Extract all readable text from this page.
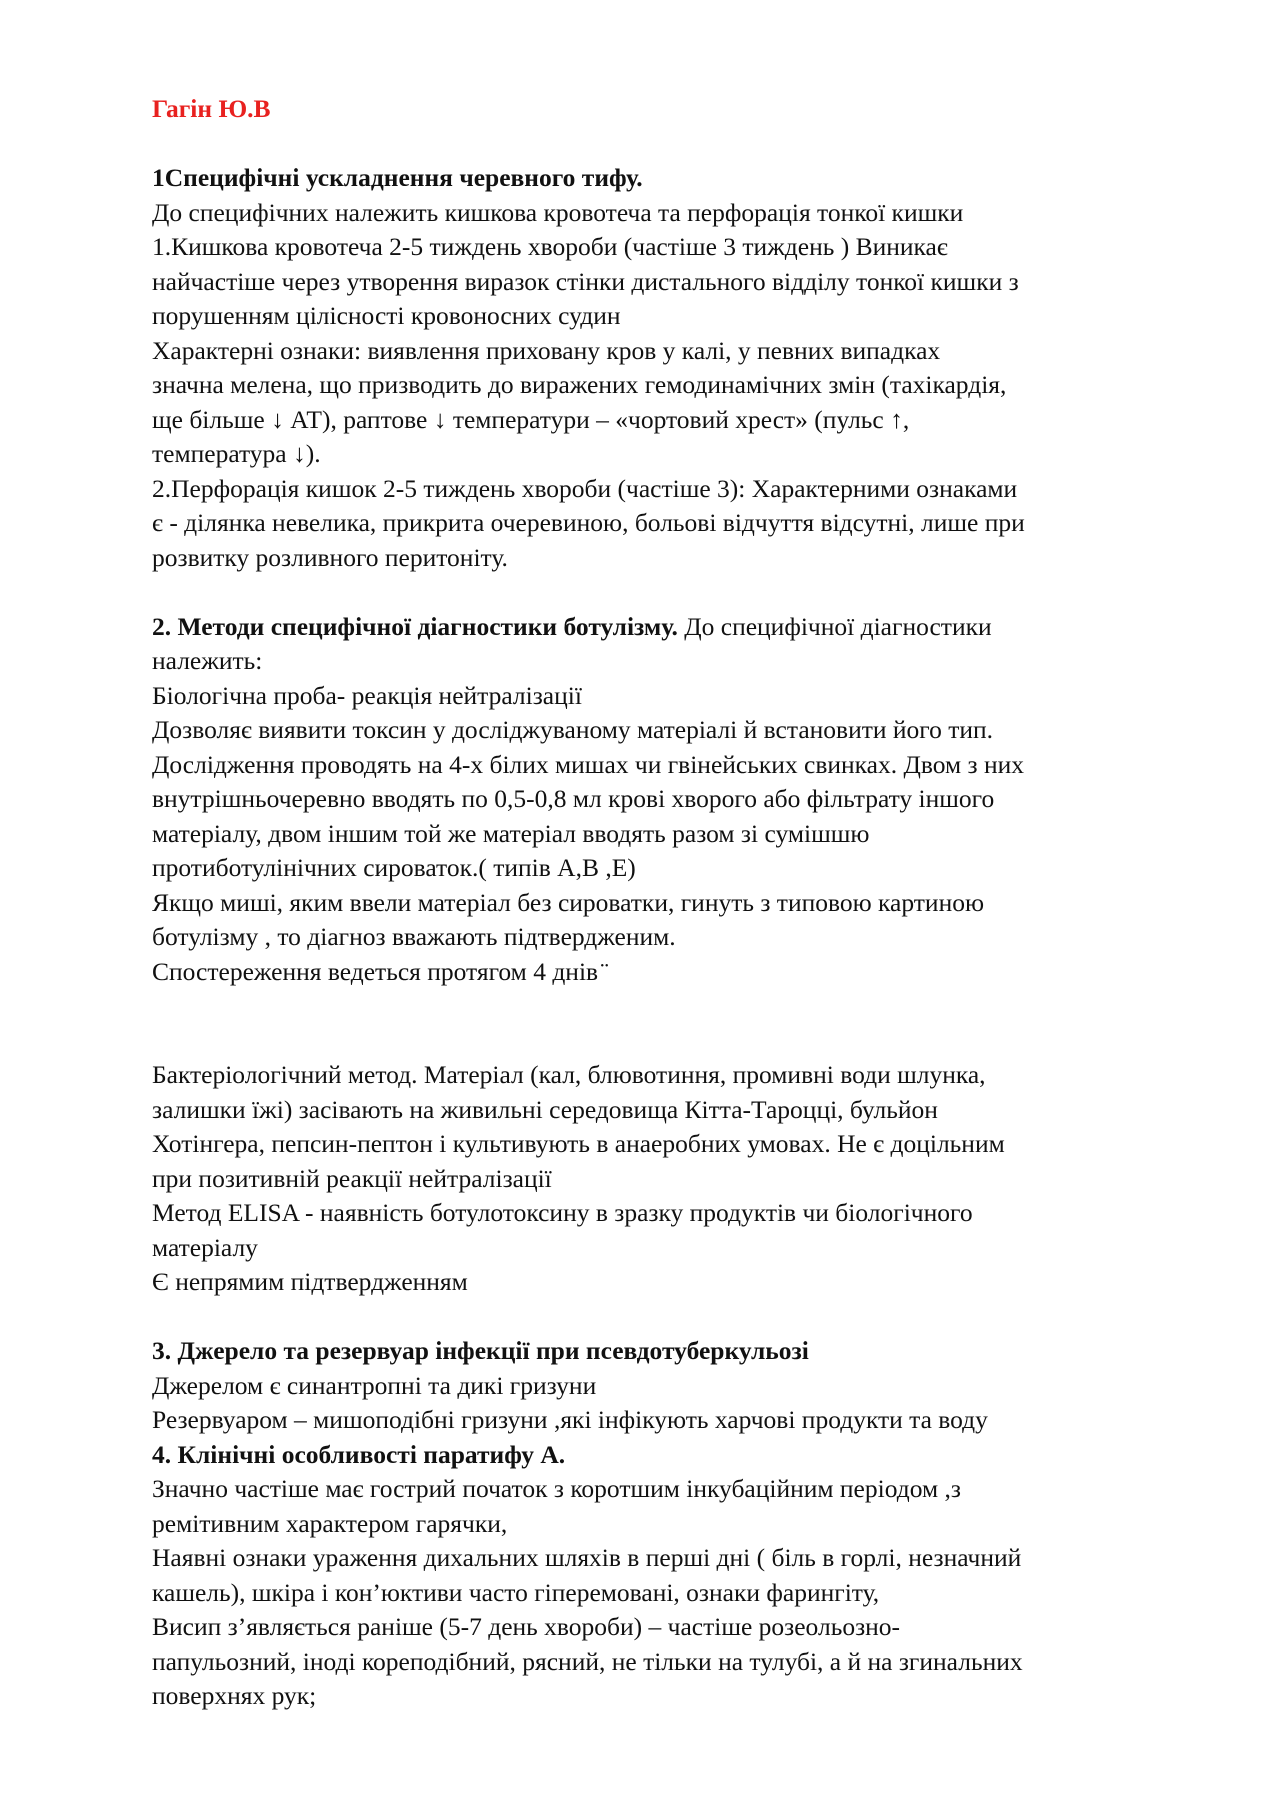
Гагін Ю.В

1Специфічні ускладнення черевного тифу.

До специфічних належить кишкова кровотеча та перфорація тонкої кишки

1.Кишкова кровотеча 2-5 тиждень хвороби (частіше 3 тиждень ) Виникає

найчастіше через утворення виразок стінки дистального відділу тонкої кишки з

порушенням цілісності кровоносних судин

Характерні ознаки: виявлення приховану кров у калі, у певних випадках

значна мелена, що призводить до виражених гемодинамічних змін (тахікардія,

ще більше ↓ АТ), раптове ↓ температури – «чортовий хрест» (пульс ↑,

температура ↓).

2.Перфорація кишок 2-5 тиждень хвороби (частіше 3): Характерними ознаками

є - ділянка невелика, прикрита очеревиною, больові відчуття відсутні, лише при

розвитку розливного перитоніту.

2. Методи специфічної діагностики ботулізму. До специфічної діагностики

належить:

Біологічна проба- реакція нейтралізації

Дозволяє виявити токсин у досліджуваному матеріалі й встановити його тип.

Дослідження проводять на 4-х білих мишах чи гвінейських свинках. Двом з них

внутрішньочеревно вводять по 0,5-0,8 мл крові хворого або фільтрату іншого

матеріалу, двом іншим той же матеріал вводять разом зі сумішшю

протиботулінічних сироваток.( типів А,В ,Е)

Якщо миші, яким ввели матеріал без сироватки, гинуть з типовою картиною

ботулізму , то діагноз вважають підтвердженим.

Спостереження ведеться протягом 4 днів ̈

Бактеріологічний метод. Матеріал (кал, блювотиння, промивні води шлунка,

залишки їжі) засівають на живильні середовища Кітта-Тароцці, бульйон

Хотінгера, пепсин-пептон і культивують в анаеробних умовах. Не є доцільним

при позитивній реакції нейтралізації

Метод ELISA - наявність ботулотоксину в зразку продуктів чи біологічного

матеріалу

Є непрямим підтвердженням

3. Джерело та резервуар інфекції при псевдотуберкульозі

Джерелом є синантропні та дикі гризуни

Резервуаром – мишоподібні гризуни ,які інфікують харчові продукти та воду

4. Клінічні особливості паратифу А.

Значно частіше має гострий початок з коротшим інкубаційним періодом ,з

ремітивним характером гарячки,

Наявні ознаки ураження дихальних шляхів в перші дні ( біль в горлі, незначний

кашель), шкіра і кон’юктиви часто гіперемовані, ознаки фарингіту,

Висип з’являється раніше (5-7 день хвороби) – частіше розеольозно-

папульозний, іноді кореподібний, рясний, не тільки на тулубі, а й на згинальних

поверхнях рук;
